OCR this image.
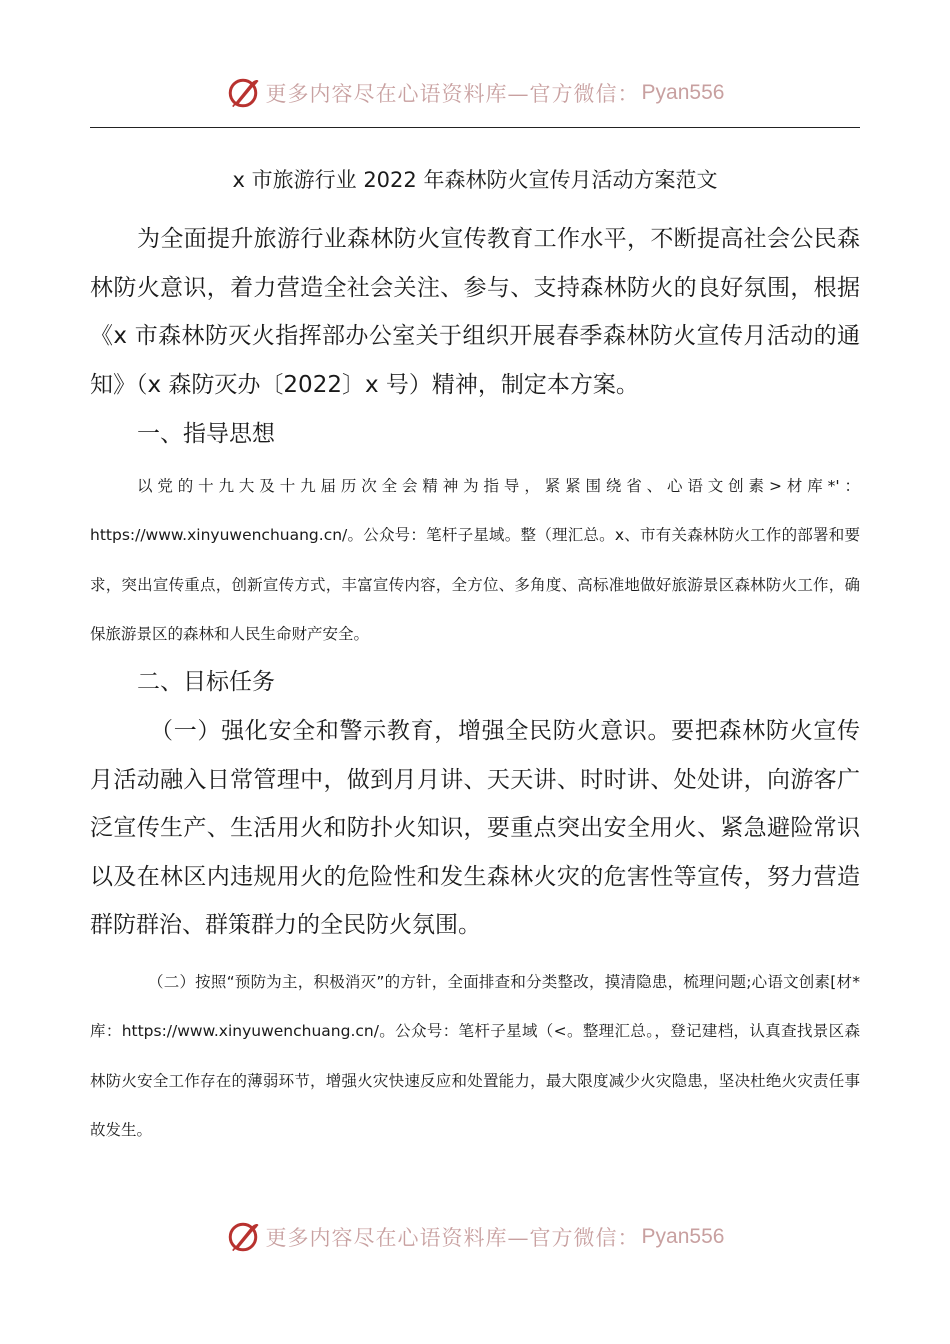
更多内容尽在心语资料库—官方微信： Pyan556
x 市旅游行业 2022 年森林防火宣传月活动方案范文
为全面提升旅游行业森林防火宣传教育工作水平，不断提高社会公民森林防火意识，着力营造全社会关注、参与、支持森林防火的良好氛围，根据《x 市森林防灭火指挥部办公室关于组织开展春季森林防火宣传月活动的通知》（x 森防灭办〔2022〕x 号）精神，制定本方案。
一、指导思想
以党的十九大及十九届历次全会精神为指导，紧紧围绕省、心语文创素>材库*'：https://www.xinyuwenchuang.cn/。公众号：笔杆子星域。整（理汇总。x、市有关森林防火工作的部署和要求，突出宣传重点，创新宣传方式，丰富宣传内容，全方位、多角度、高标准地做好旅游景区森林防火工作，确保旅游景区的森林和人民生命财产安全。
二、目标任务
（一）强化安全和警示教育，增强全民防火意识。要把森林防火宣传月活动融入日常管理中，做到月月讲、天天讲、时时讲、处处讲，向游客广泛宣传生产、生活用火和防扑火知识，要重点突出安全用火、紧急避险常识以及在林区内违规用火的危险性和发生森林火灾的危害性等宣传，努力营造群防群治、群策群力的全民防火氛围。
（二）按照“预防为主，积极消灭”的方针，全面排查和分类整改，摸清隐患，梳理问题;心语文创素[材*库：https://www.xinyuwenchuang.cn/。公众号：笔杆子星域（<。整理汇总。，登记建档，认真查找景区森林防火安全工作存在的薄弱环节，增强火灾快速反应和处置能力，最大限度减少火灾隐患，坚决杜绝火灾责任事故发生。
更多内容尽在心语资料库—官方微信： Pyan556
